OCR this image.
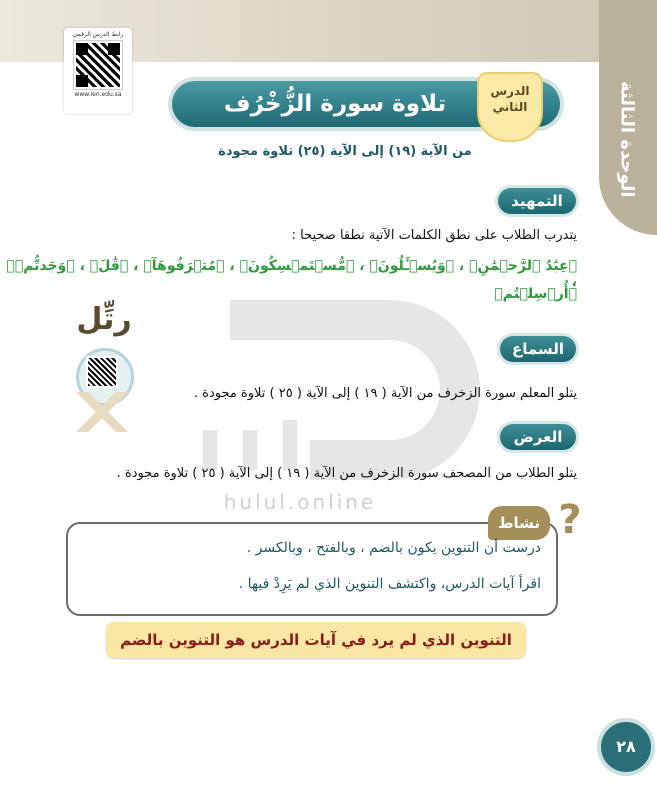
الوحدة الثالثة
رابط الدرس الرقمي
www.ien.edu.sa	تلاوة سورة الزُّخْرُف	الدرس
الثاني
من الآية (١٩) إلى الآية (٢٥) تلاوة مجودة
hulul.online
التمهيد
يتدرب الطلاب على نطق الكلمات الآتية نطقا صحيحا :
﴿عِبَٰدُ ٱلرَّحۡمَٰنِ﴾ ، ﴿وَيُسۡـَٔلُونَ﴾ ، ﴿مُّسۡتَمۡسِكُونَ﴾ ، ﴿مُتۡرَفُوهَآ﴾ ، ﴿قَٰلَ﴾ ، ﴿وَجَدتُّمۡ﴾ ،
﴿أُرۡسِلۡتُم﴾
السماع
يتلو المعلم سورة الزخرف من الآية ( ١٩ ) إلى الآية ( ٢٥ ) تلاوة مجودة .
رتِّل
العرض
يتلو الطلاب من المصحف سورة الزخرف من الآية ( ١٩ ) إلى الآية ( ٢٥ ) تلاوة مجودة .
نشاط ?
درست أن التنوين يكون بالضم ، وبالفتح ، وبالكسر .
اقرأ آيات الدرس، واكتشف التنوين الذي لم يَرِدْ فيها .
التنوين الذي لم يرد في آيات الدرس هو التنوين بالضم
٢٨
